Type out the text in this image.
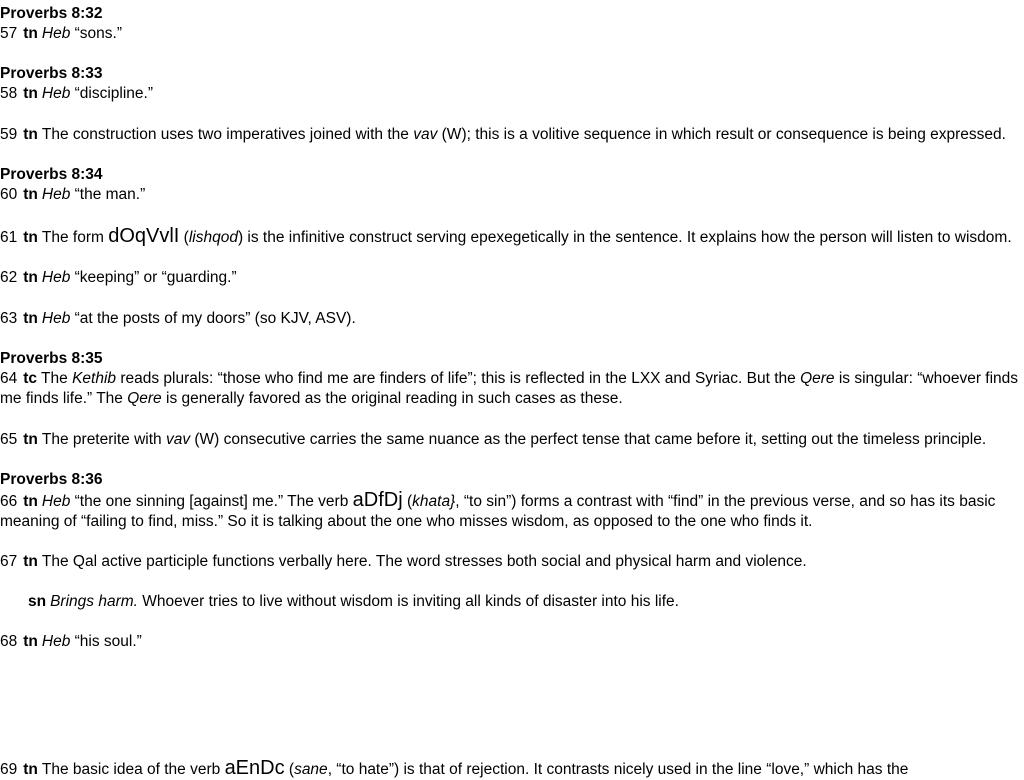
Proverbs 8:32

57 tn Heb “sons.”

Proverbs 8:33

58 tn Heb “discipline.”

59 tn The construction uses two imperatives joined with the vav (W); this is a volitive sequence in which result or consequence is being expressed.

Proverbs 8:34

60 tn Heb “the man.”

61 tn The form dOqVvlI (lishqod) is the infinitive construct serving epexegetically in the sentence. It explains how the person will listen to wisdom.

62 tn Heb “keeping” or “guarding.”

63 tn Heb “at the posts of my doors” (so KJV, ASV).

Proverbs 8:35

64 tc The Kethib reads plurals: “those who find me are finders of life”; this is reflected in the LXX and Syriac. But the Qere is singular: “whoever finds me finds life.” The Qere is generally favored as the original reading in such cases as these.

65 tn The preterite with vav (W) consecutive carries the same nuance as the perfect tense that came before it, setting out the timeless principle.

Proverbs 8:36

66 tn Heb “the one sinning [against] me.” The verb aDfDj (khata}, “to sin”) forms a contrast with “find” in the previous verse, and so has its basic meaning of “failing to find, miss.” So it is talking about the one who misses wisdom, as opposed to the one who finds it.

67 tn The Qal active participle functions verbally here. The word stresses both social and physical harm and violence.

sn Brings harm. Whoever tries to live without wisdom is inviting all kinds of disaster into his life.

68 tn Heb “his soul.”

69 tn The basic idea of the verb aEnDc (sane, “to hate”) is that of rejection. It contrasts nicely used in the line “love,” which has the
